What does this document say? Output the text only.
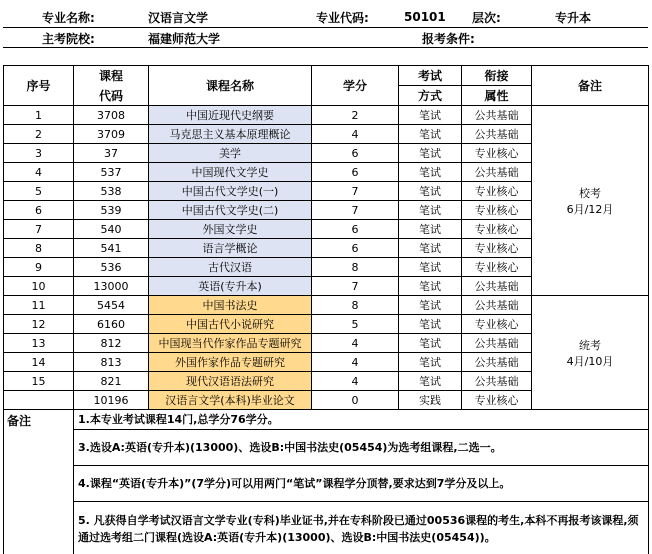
专业名称:	汉语言文学	专业代码:	50101	层次:	专升本
主考院校:	福建师范大学	报考条件:
序号	课程	课程名称	学分	考试	衔接	备注
	代码			方式	属性	
1	3708	中国近现代史纲要	2	笔试	公共基础	校考
6月/12月

2	3709	马克思主义基本原理概论	4	笔试	公共基础	
3	37	美学	6	笔试	专业核心	
4	537	中国现代文学史	6	笔试	公共基础	
5	538	中国古代文学史(一)	7	笔试	专业核心	
6	539	中国古代文学史(二)	7	笔试	专业核心	
7	540	外国文学史	6	笔试	专业核心	
8	541	语言学概论	6	笔试	专业核心	
9	536	古代汉语	8	笔试	专业核心	
10	13000	英语(专升本)	7	笔试	公共基础	
11	5454	中国书法史	8	笔试	公共基础	统考
4月/10月

12	6160	中国古代小说研究	5	笔试	专业核心	
13	812	中国现当代作家作品专题研究	4	笔试	公共基础	
14	813	外国作家作品专题研究	4	笔试	公共基础	
15	821	现代汉语语法研究	4	笔试	公共基础	
	10196	汉语言文学(本科)毕业论文	0	实践	专业核心	
备注	1.本专业考试课程14门,总学分76学分。					
	3.选设A:英语(专升本)(13000)、选设B:中国书法史(05454)为选考组课程,二选一。					
	4.课程“英语(专升本)”(7学分)可以用两门“笔试”课程学分顶替,要求达到7学分及以上。					
	5. 凡获得自学考试汉语言文学专业(专科)毕业证书,并在专科阶段已通过00536课程的考生,本科不再报考该课程,须通过选考组二门课程(选设A:英语(专升本)(13000)、选设B:中国书法史(05454))。					
